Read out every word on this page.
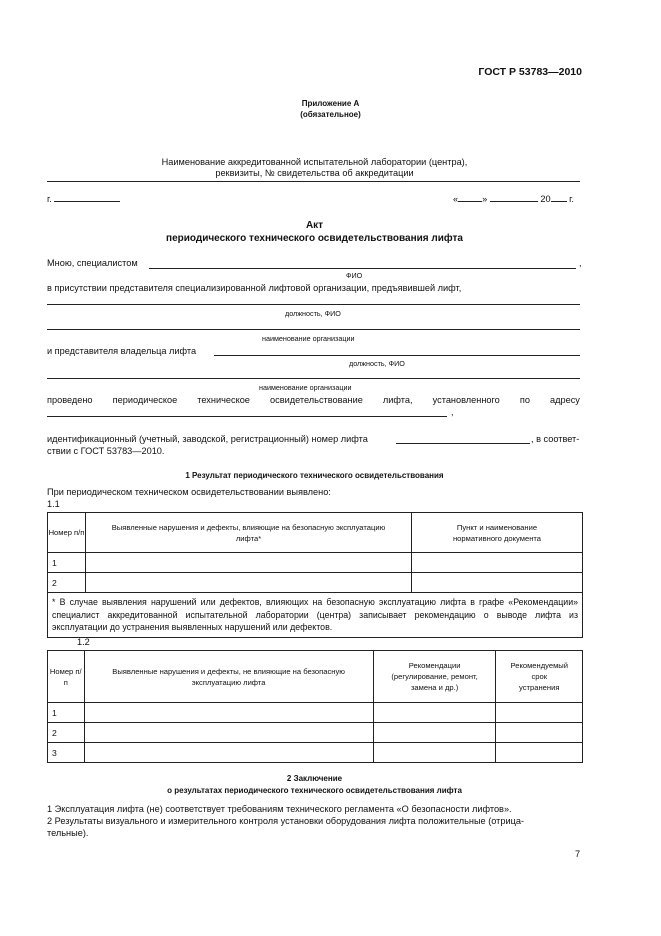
ГОСТ Р 53783—2010
Приложение А
(обязательное)
Наименование аккредитованной испытательной лаборатории (центра),
реквизиты, № свидетельства об аккредитации
г.	«	»	20 г.
Акт
периодического технического освидетельствования лифта
Мною, специалистом	,
ФИО
в присутствии представителя специализированной лифтовой организации, предъявившей лифт,
должность, ФИО
наименование организации
и представителя владельца лифта
должность, ФИО
наименование организации
проведено периодическое техническое освидетельствование лифта, установленного по адресу
,
идентификационный (учетный, заводской, регистрационный) номер лифта	, в соответ-
ствии с ГОСТ 53783—2010.
1 Результат периодического технического освидетельствования
При периодическом техническом освидетельствовании выявлено:
1.1
Номер п/п	Выявленные нарушения и дефекты, влияющие на безопасную эксплуатацию лифта*	Пункт и наименование нормативного документа
1		
2		
* В случае выявления нарушений или дефектов, влияющих на безопасную эксплуатацию лифта в графе «Рекомендации» специалист аккредитованной испытательной лаборатории (центра) записывает рекомендацию о выводе лифта из эксплуатации до устранения выявленных нарушений или дефектов.		
1.2
Номер п/п	Выявленные нарушения и дефекты, не влияющие на безопасную эксплуатацию лифта	Рекомендации (регулирование, ремонт, замена и др.)	Рекомендуемый срок устранения
1			
2			
3			
2 Заключение
о результатах периодического технического освидетельствования лифта
1 Эксплуатация лифта (не) соответствует требованиям технического регламента «О безопасности лифтов».
2 Результаты визуального и измерительного контроля установки оборудования лифта положительные (отрица-
тельные).
7
